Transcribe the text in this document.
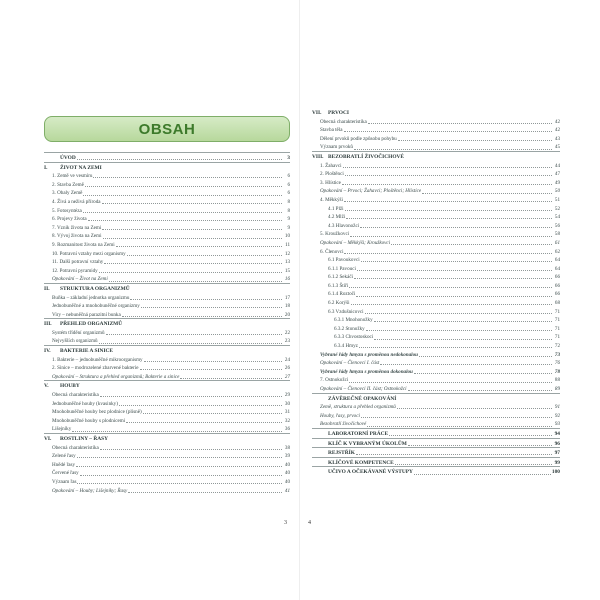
OBSAH
ÚVOD	3
I. ŽIVOT NA ZEMI
1. Země ve vesmíru	6
2. Stavba Země	6
3. Obaly Země	6
4. Živá a neživá příroda	8
5. Fotosyntéza	8
6. Projevy života	9
7. Vznik života na Zemi	9
8. Vývoj života na Zemi	10
9. Rozmanitost života na Zemi	11
10. Potravní vztahy mezi organismy	12
11. Další potravní vztahy	13
12. Potravní pyramidy	15
Opakování – Život na Zemi	16
II. STRUKTURA ORGANIZMŮ
Buňka – základní jednotka organizmu	17
Jednobuněčné a mnohobuněčné organizmy	18
Viry – nebuněčná parazitní bunka	20
III. PŘEHLED ORGANIZMŮ
Systém třídění organizmů	22
Nejvyšších organizmů	23
IV. BAKTERIE A SINICE
1. Bakterie – jednobuněčné mikroorganismy	24
2. Sinice – modrozelené zbarvené bakterie	26
Opakování – Struktura a přehled organizmů; Bakterie a sinice	27
V. HOUBY
Obecná charakteristika	29
Jednobuněčné houby (kvasinky)	30
Mnohobuněčné houby bez plodnice (plísně)	31
Mnohobuněčné houby s plodnicemi	32
Lišejníky	36
VI. ROSTLINY – ŘASY
Obecná charakteristika	38
Zelené řasy	39
Hnědé řasy	40
Červené řasy	40
Význam řas	40
Opakování – Houby; Lišejníky; Řasy	41
VII. PRVOCI
Obecná charakteristika	42
Stavba těla	42
Dělení prvoků podle způsobu pohybu	43
Význam prvoků	45
VIII. BEZOBRATLÍ ŽIVOČICHOVÉ
1. Žahavci	44
2. Ploštěnci	47
3. Hlístice	49
Opakování – Prvoci; Žahavci; Ploštěnci; Hlístice	50
4. Měkkýši	51
4.1 Plži	52
4.2 Mlži	54
4.3 Hlavonožci	56
5. Kroužkovci	58
Opakování – Měkkýši; Kroužkovci	61
6. Členovci	62
6.1 Pavoukovci	64
6.1.1 Pavouci	64
6.1.2 Sekáči	66
6.1.3 Štíři	66
6.1.4 Roztoči	66
6.2 Korýši	68
6.3 Vzdušnicovci	71
6.3.1 Mnohonožky	71
6.3.2 Stonožky	71
6.3.3 Chvostoskoci	71
6.3.4 Hmyz	72
Vybrané řády hmyzu s proměnou nedokonalou	73
Opakování – Členovci I. část	76
Vybrané řády hmyzu s proměnou dokonalou	78
7. Ostnokožci	88
Opakování – Členovci II. část; Ostnokožci	89
ZÁVĚREČNÉ OPAKOVÁNÍ
Země, struktura a přehled organizmů	91
Houby, řasy, prvoci	92
Bezobratlí živočichové	93
LABORATORNÍ PRÁCE	94
KLÍČ K VYBRANÝM ÚKOLŮM	96
REJSTŘÍK	97
KLÍČOVÉ KOMPETENCE	99
UČIVO A OČEKÁVANÉ VÝSTUPY	100
3	4
